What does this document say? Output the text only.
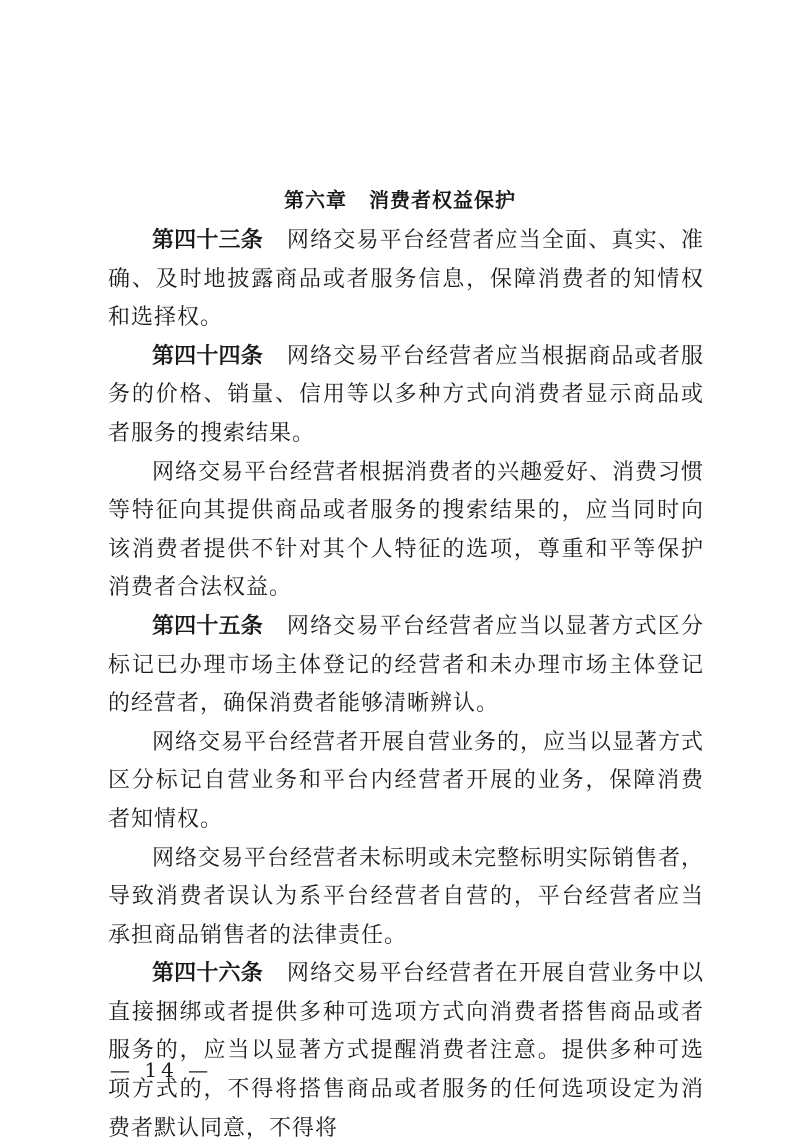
第六章 消费者权益保护

第四十三条 网络交易平台经营者应当全面、真实、准确、及时地披露商品或者服务信息，保障消费者的知情权和选择权。

第四十四条 网络交易平台经营者应当根据商品或者服务的价格、销量、信用等以多种方式向消费者显示商品或者服务的搜索结果。

网络交易平台经营者根据消费者的兴趣爱好、消费习惯等特征向其提供商品或者服务的搜索结果的，应当同时向该消费者提供不针对其个人特征的选项，尊重和平等保护消费者合法权益。

第四十五条 网络交易平台经营者应当以显著方式区分标记已办理市场主体登记的经营者和未办理市场主体登记的经营者，确保消费者能够清晰辨认。

网络交易平台经营者开展自营业务的，应当以显著方式区分标记自营业务和平台内经营者开展的业务，保障消费者知情权。

网络交易平台经营者未标明或未完整标明实际销售者，导致消费者误认为系平台经营者自营的，平台经营者应当承担商品销售者的法律责任。

第四十六条 网络交易平台经营者在开展自营业务中以直接捆绑或者提供多种可选项方式向消费者搭售商品或者服务的，应当以显著方式提醒消费者注意。提供多种可选项方式的，不得将搭售商品或者服务的任何选项设定为消费者默认同意，不得将

— 14 —
